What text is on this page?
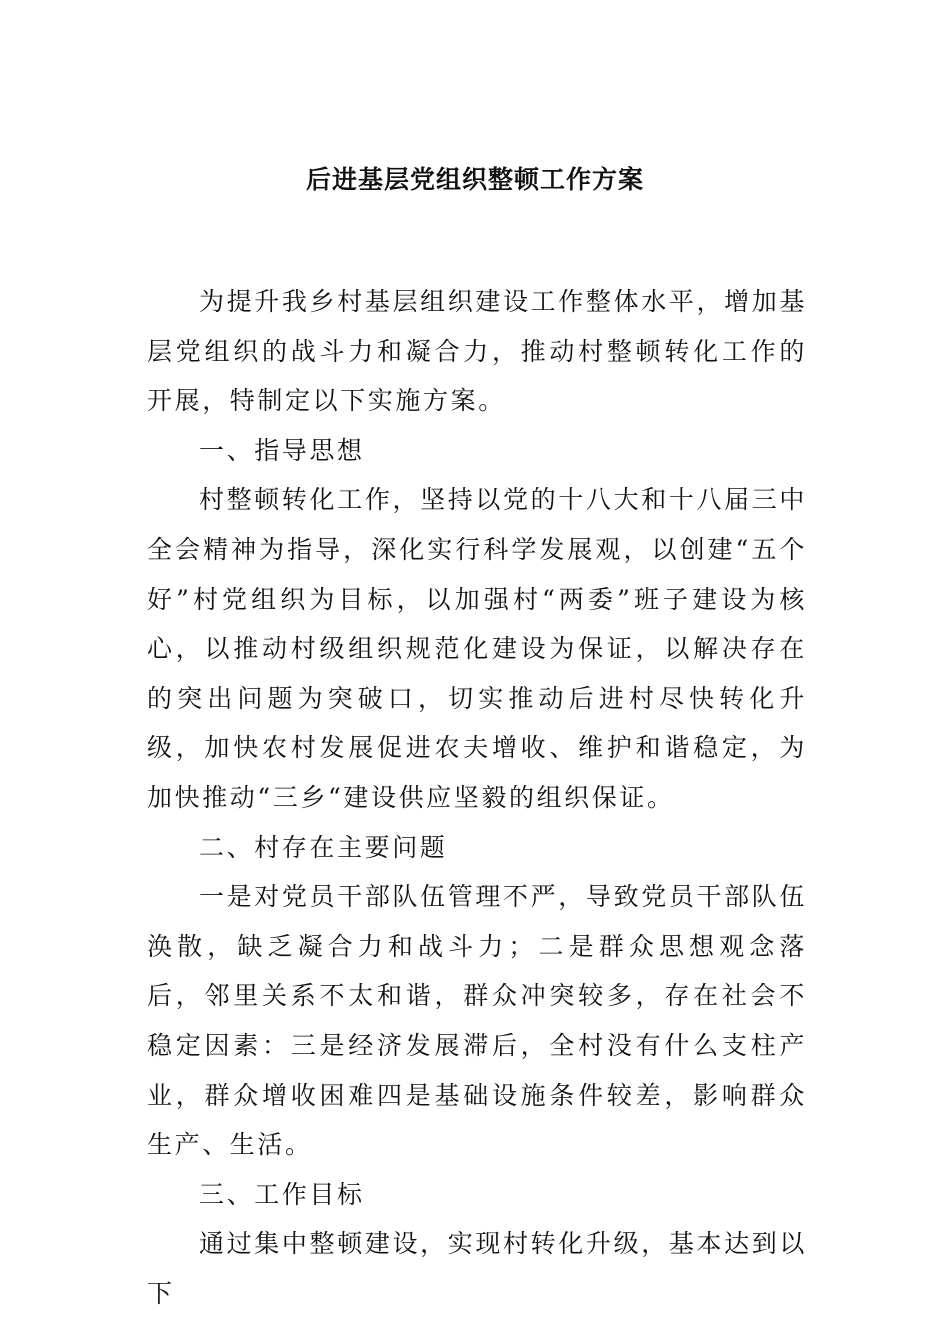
后进基层党组织整顿工作方案

为提升我乡村基层组织建设工作整体水平，增加基层党组织的战斗力和凝合力，推动村整顿转化工作的开展，特制定以下实施方案。

一、指导思想

村整顿转化工作，坚持以党的十八大和十八届三中全会精神为指导，深化实行科学发展观，以创建“五个好”村党组织为目标，以加强村“两委”班子建设为核心，以推动村级组织规范化建设为保证，以解决存在的突出问题为突破口，切实推动后进村尽快转化升级，加快农村发展促进农夫增收、维护和谐稳定，为加快推动“三乡“建设供应坚毅的组织保证。

二、村存在主要问题

一是对党员干部队伍管理不严，导致党员干部队伍涣散，缺乏凝合力和战斗力；二是群众思想观念落后，邻里关系不太和谐，群众冲突较多，存在社会不稳定因素：三是经济发展滞后，全村没有什么支柱产业，群众增收困难四是基础设施条件较差，影响群众生产、生活。

三、工作目标

通过集中整顿建设，实现村转化升级，基本达到以下
